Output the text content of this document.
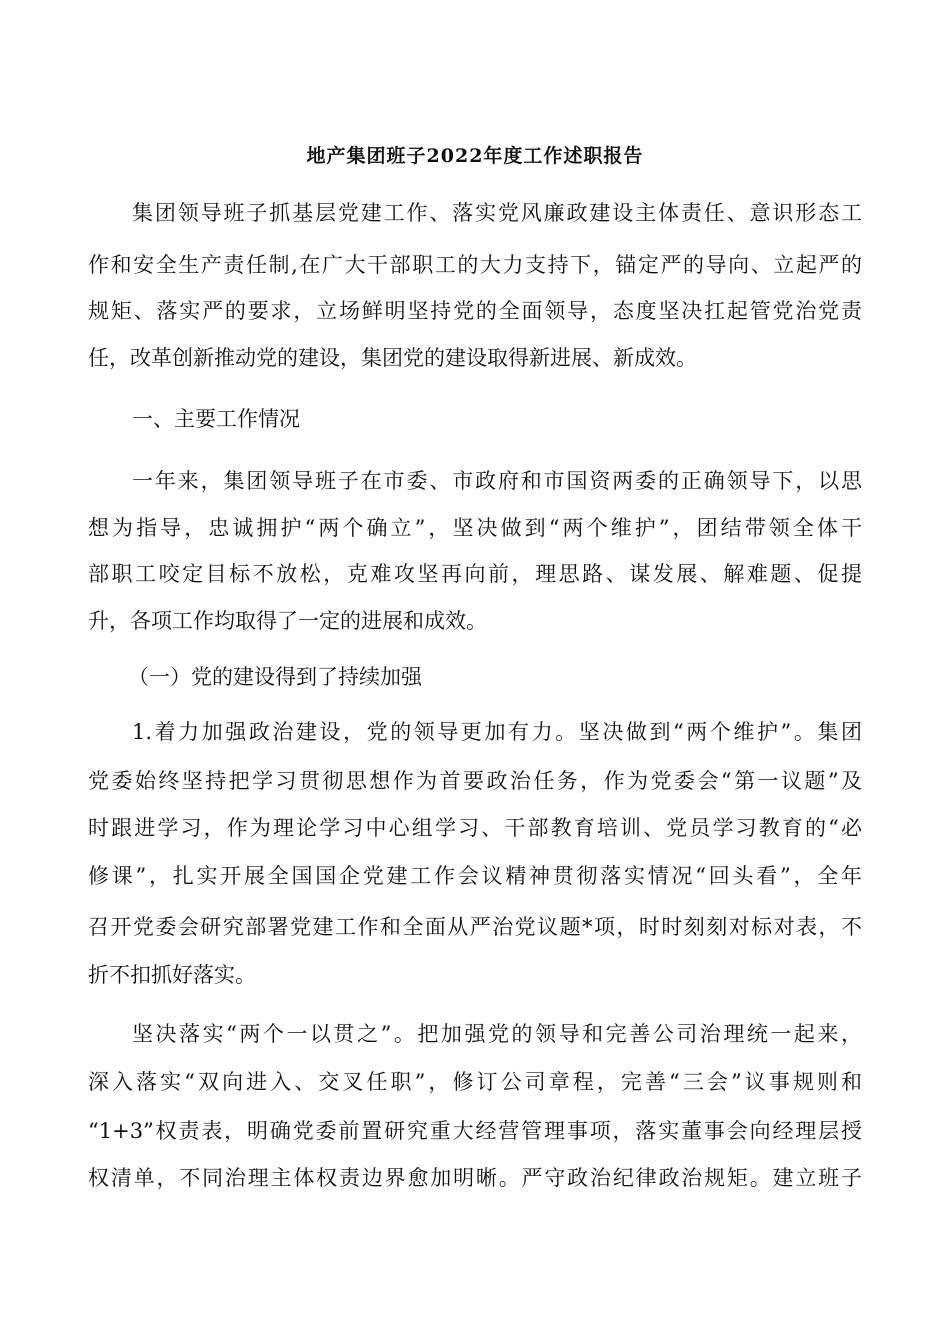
地产集团班子2022年度工作述职报告
集团领导班子抓基层党建工作、落实党风廉政建设主体责任、意识形态工
作和安全生产责任制,在广大干部职工的大力支持下，锚定严的导向、立起严的
规矩、落实严的要求，立场鲜明坚持党的全面领导，态度坚决扛起管党治党责
任，改革创新推动党的建设，集团党的建设取得新进展、新成效。
一、主要工作情况
一年来，集团领导班子在市委、市政府和市国资两委的正确领导下，以思
想为指导，忠诚拥护“两个确立”，坚决做到“两个维护”，团结带领全体干
部职工咬定目标不放松，克难攻坚再向前，理思路、谋发展、解难题、促提
升，各项工作均取得了一定的进展和成效。
（一）党的建设得到了持续加强
1.着力加强政治建设，党的领导更加有力。坚决做到“两个维护”。集团
党委始终坚持把学习贯彻思想作为首要政治任务，作为党委会“第一议题”及
时跟进学习，作为理论学习中心组学习、干部教育培训、党员学习教育的“必
修课”，扎实开展全国国企党建工作会议精神贯彻落实情况“回头看”，全年
召开党委会研究部署党建工作和全面从严治党议题*项，时时刻刻对标对表，不
折不扣抓好落实。
坚决落实“两个一以贯之”。把加强党的领导和完善公司治理统一起来，
深入落实“双向进入、交叉任职”，修订公司章程，完善“三会”议事规则和
“1+3”权责表，明确党委前置研究重大经营管理事项，落实董事会向经理层授
权清单，不同治理主体权责边界愈加明晰。严守政治纪律政治规矩。建立班子
